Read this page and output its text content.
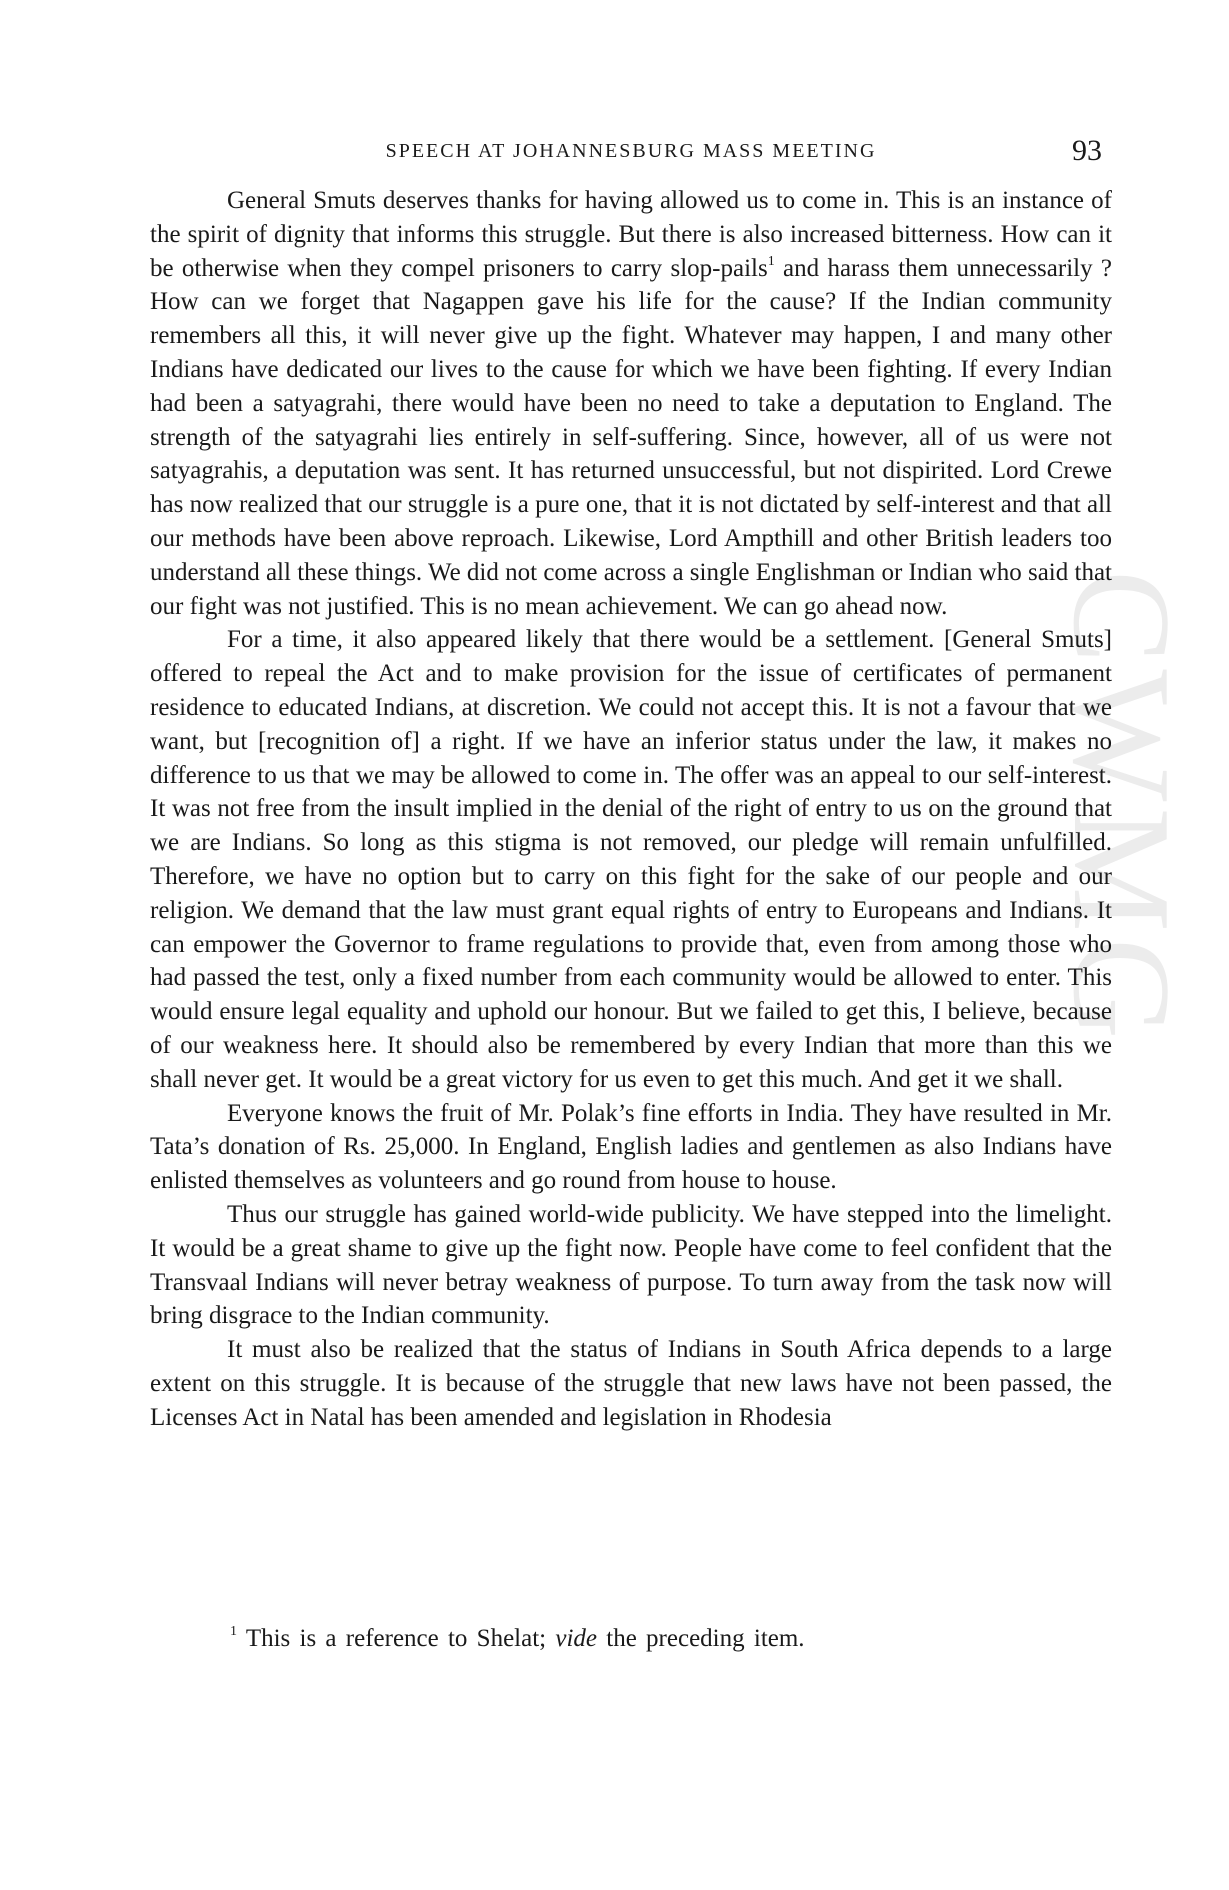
CWMG
SPEECH AT JOHANNESBURG MASS MEETING	93

General Smuts deserves thanks for having allowed us to come in. This is an instance of the spirit of dignity that informs this struggle. But there is also increased bitterness. How can it be otherwise when they compel prisoners to carry slop-pails$^1$ and harass them unnecessarily ? How can we forget that Nagappen gave his life for the cause? If the Indian community remembers all this, it will never give up the fight. Whatever may happen, I and many other Indians have dedicated our lives to the cause for which we have been fighting. If every Indian had been a satyagrahi, there would have been no need to take a deputation to England. The strength of the satyagrahi lies entirely in self-suffering. Since, however, all of us were not satyagrahis, a deputation was sent. It has returned unsuccessful, but not dispirited. Lord Crewe has now realized that our struggle is a pure one, that it is not dictated by self-interest and that all our methods have been above reproach. Likewise, Lord Ampthill and other British leaders too understand all these things. We did not come across a single Englishman or Indian who said that our fight was not justified. This is no mean achievement. We can go ahead now.

For a time, it also appeared likely that there would be a settlement. [General Smuts] offered to repeal the Act and to make provision for the issue of certificates of permanent residence to educated Indians, at discretion. We could not accept this. It is not a favour that we want, but [recognition of] a right. If we have an inferior status under the law, it makes no difference to us that we may be allowed to come in. The offer was an appeal to our self-interest. It was not free from the insult implied in the denial of the right of entry to us on the ground that we are Indians. So long as this stigma is not removed, our pledge will remain unfulfilled. Therefore, we have no option but to carry on this fight for the sake of our people and our religion. We demand that the law must grant equal rights of entry to Europeans and Indians. It can empower the Governor to frame regulations to provide that, even from among those who had passed the test, only a fixed number from each community would be allowed to enter. This would ensure legal equality and uphold our honour. But we failed to get this, I believe, because of our weakness here. It should also be remembered by every Indian that more than this we shall never get. It would be a great victory for us even to get this much. And get it we shall.

Everyone knows the fruit of Mr. Polak’s fine efforts in India. They have resulted in Mr. Tata’s donation of Rs. 25,000. In England, English ladies and gentlemen as also Indians have enlisted themselves as volunteers and go round from house to house.

Thus our struggle has gained world-wide publicity. We have stepped into the limelight. It would be a great shame to give up the fight now. People have come to feel confident that the Transvaal Indians will never betray weakness of purpose. To turn away from the task now will bring disgrace to the Indian community.

It must also be realized that the status of Indians in South Africa depends to a large extent on this struggle. It is because of the struggle that new laws have not been passed, the Licenses Act in Natal has been amended and legislation in Rhodesia

$^1$ This is a reference to Shelat; vide the preceding item.
